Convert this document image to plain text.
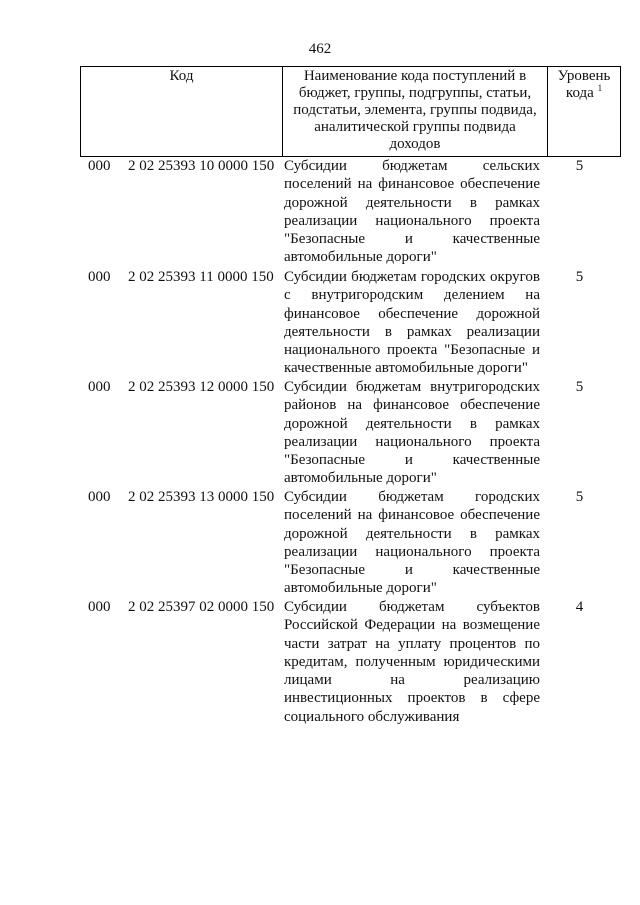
462
Код	Наименование кода поступлений в бюджет, группы, подгруппы, статьи, подстатьи, элемента, группы подвида, аналитической группы подвида доходов	Уровень кода $^1$
000	2 02 25393 10 0000 150	Субсидии бюджетам сельских поселений на финансовое обеспечение дорожной деятельности в рамках реализации национального проекта "Безопасные и качественные автомобильные дороги"	5
000	2 02 25393 11 0000 150	Субсидии бюджетам городских округов с внутригородским делением на финансовое обеспечение дорожной деятельности в рамках реализации национального проекта "Безопасные и качественные автомобильные дороги"	5
000	2 02 25393 12 0000 150	Субсидии бюджетам внутригородских районов на финансовое обеспечение дорожной деятельности в рамках реализации национального проекта "Безопасные и качественные автомобильные дороги"	5
000	2 02 25393 13 0000 150	Субсидии бюджетам городских поселений на финансовое обеспечение дорожной деятельности в рамках реализации национального проекта "Безопасные и качественные автомобильные дороги"	5
000	2 02 25397 02 0000 150	Субсидии бюджетам субъектов Российской Федерации на возмещение части затрат на уплату процентов по кредитам, полученным юридическими лицами на реализацию инвестиционных проектов в сфере социального обслуживания	4
